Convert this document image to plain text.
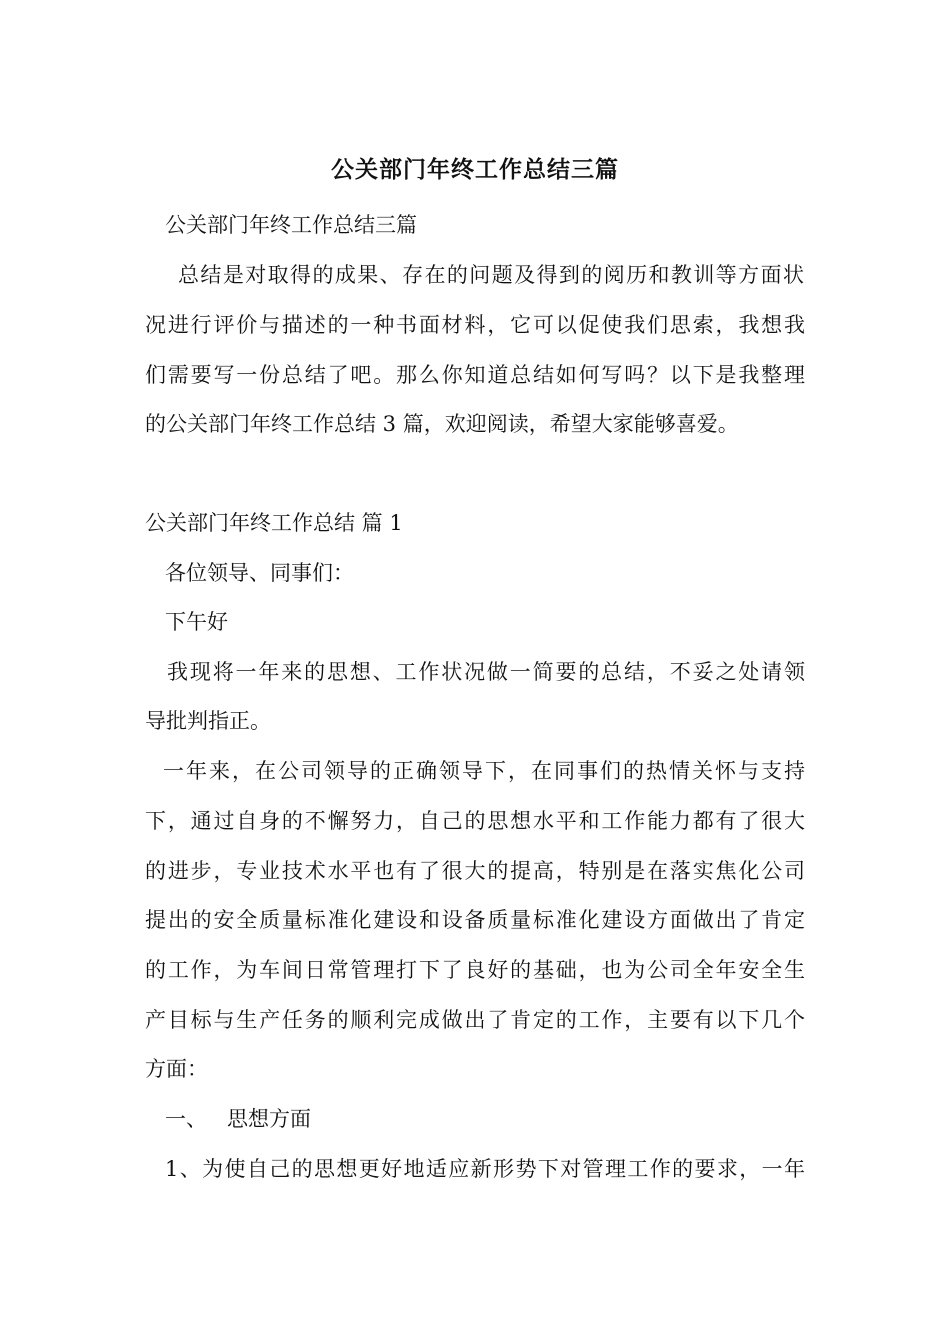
公关部门年终工作总结三篇
公关部门年终工作总结三篇
总结是对取得的成果、存在的问题及得到的阅历和教训等方面状
况进行评价与描述的一种书面材料，它可以促使我们思索，我想我
们需要写一份总结了吧。那么你知道总结如何写吗？以下是我整理
的公关部门年终工作总结 3 篇，欢迎阅读，希望大家能够喜爱。
公关部门年终工作总结 篇 1
各位领导、同事们：
下午好
我现将一年来的思想、工作状况做一简要的总结，不妥之处请领
导批判指正。
一年来，在公司领导的正确领导下，在同事们的热情关怀与支持
下，通过自身的不懈努力，自己的思想水平和工作能力都有了很大
的进步，专业技术水平也有了很大的提高，特别是在落实焦化公司
提出的安全质量标准化建设和设备质量标准化建设方面做出了肯定
的工作，为车间日常管理打下了良好的基础，也为公司全年安全生
产目标与生产任务的顺利完成做出了肯定的工作，主要有以下几个
方面：
一、   思想方面
1、为使自己的思想更好地适应新形势下对管理工作的要求，一年
